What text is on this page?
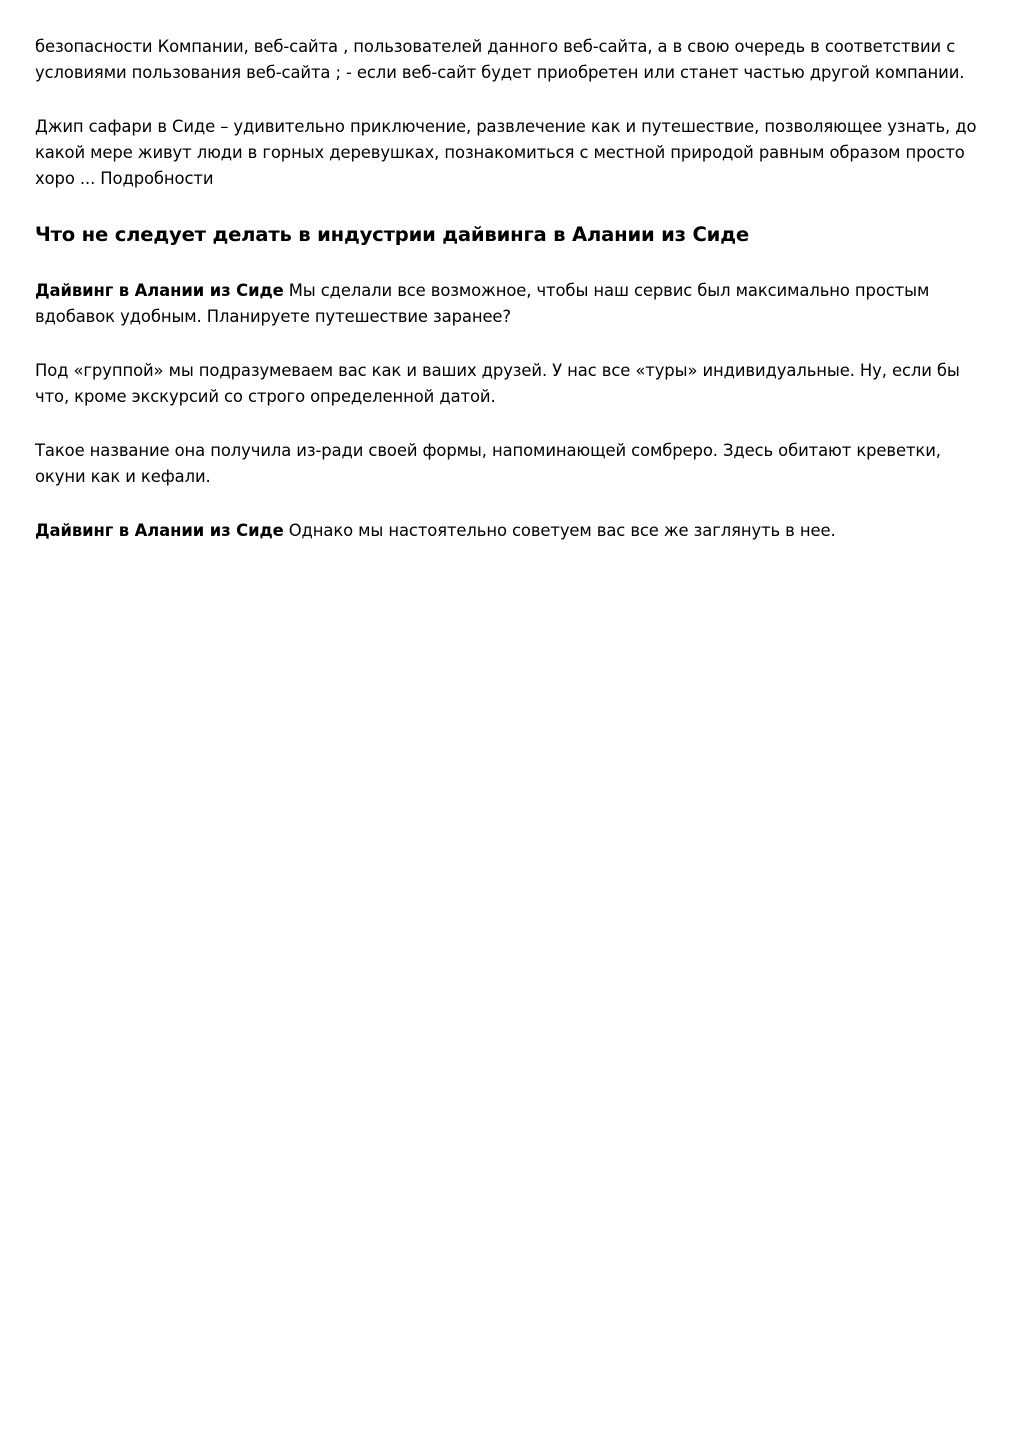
безопасности Компании, веб-сайта , пользователей данного веб-сайта, а в свою очередь в соответствии с условиями пользования веб-сайта ; - если веб-сайт будет приобретен или станет частью другой компании.

Джип сафари в Сиде – удивительно приключение, развлечение как и путешествие, позволяющее узнать, до какой мере живут люди в горных деревушках, познакомиться с местной природой равным образом просто хоро ... Подробности

Что не следует делать в индустрии дайвинга в Алании из Сиде

Дайвинг в Алании из Сиде Мы сделали все возможное, чтобы наш сервис был максимально простым вдобавок удобным. Планируете путешествие заранее?

Под «группой» мы подразумеваем вас как и ваших друзей. У нас все «туры» индивидуальные. Ну, если бы что, кроме экскурсий со строго определенной датой.

Такое название она получила из-ради своей формы, напоминающей сомбреро. Здесь обитают креветки, окуни как и кефали.

Дайвинг в Алании из Сиде Однако мы настоятельно советуем вас все же заглянуть в нее.
